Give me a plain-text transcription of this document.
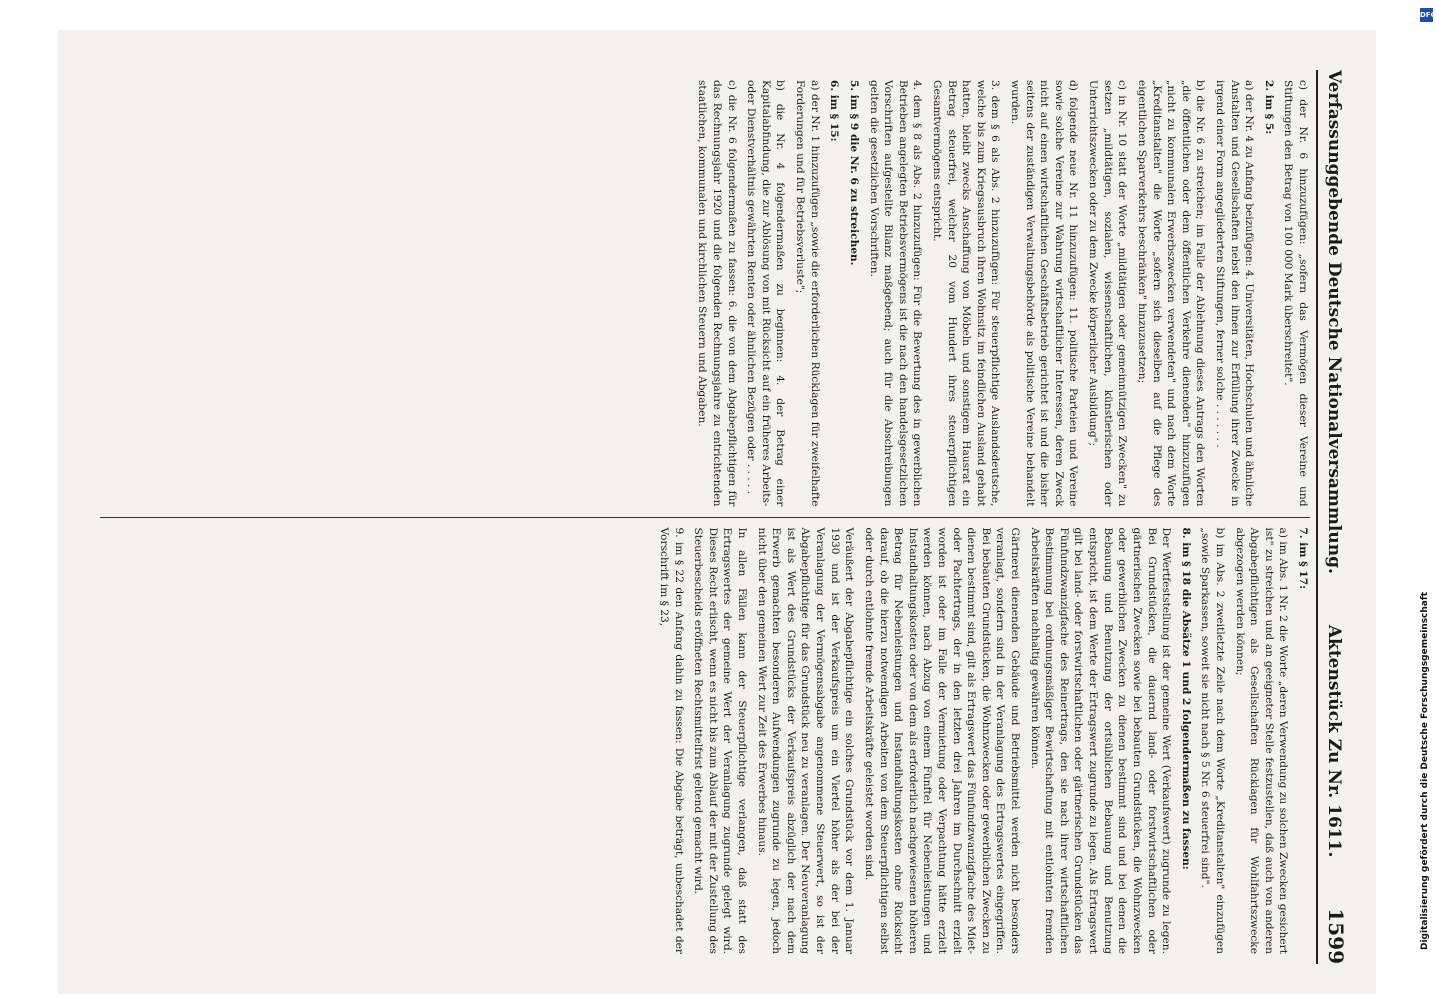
Verfassunggebende Deutsche Nationalversammlung.
Aktenstück Zu Nr. 1611.
1599

c) der Nr. 6 hinzuzufügen: „sofern das Vermögen dieser Vereine und Stiftungen den Betrag von 100 000 Mark überschreitet".

2. im § 5:

a) der Nr. 4 zu Anfang beizufügen: 4. Universitäten, Hochschulen und ähnliche Anstalten und Gesellschaften nebst den ihnen zur Erfüllung ihrer Zwecke in irgend einer Form angegliederten Stiftungen, ferner solche . . . . . . .

b) die Nr. 6 zu streichen; im Falle der Ablehnung dieses Antrags den Worten „die öffentlichen oder dem öffentlichen Verkehre dienenden" hinzuzufügen „nicht zu kommunalen Erwerbszwecken verwendeten" und nach dem Worte „Kreditanstalten" die Worte „sofern sich dieselben auf die Pflege des eigentlichen Sparverkehrs beschränken" hinzuzusetzen;

c) in Nr. 10 statt der Worte „mildtätigen oder gemeinnützigen Zwecken" zu setzen „mildtätigen, sozialen, wissenschaftlichen, künstlerischen oder Unterrichtszwecken oder zu dem Zwecke körperlicher Ausbildung";

d) folgende neue Nr. 11 hinzuzufügen: 11. politische Parteien und Vereine sowie solche Vereine zur Wahrung wirtschaftlicher Interessen, deren Zweck nicht auf einen wirtschaftlichen Geschäftsbetrieb gerichtet ist und die bisher seitens der zuständigen Verwaltungsbehörde als politische Vereine behandelt wurden.

3. dem § 6 als Abs. 2 hinzuzufügen: Für steuerpflichtige Auslandsdeutsche, welche bis zum Kriegsausbruch ihren Wohnsitz im feindlichen Ausland gehabt hatten, bleibt zwecks Anschaffung von Möbeln und sonstigem Hausrat ein Betrag steuerfrei, welcher 20 vom Hundert ihres steuerpflichtigen Gesamtvermögens entspricht.

4. dem § 8 als Abs. 2 hinzuzufügen: Für die Bewertung des in gewerblichen Betrieben angelegten Betriebsvermögens ist die nach den handelsgesetzlichen Vorschriften aufgestellte Bilanz maßgebend; auch für die Abschreibungen gelten die gesetzlichen Vorschriften.

5. im § 9 die Nr. 6 zu streichen.

6. im § 15:

a) der Nr. 1 hinzuzufügen „sowie die erforderlichen Rücklagen für zweifelhafte Forderungen und für Betriebsverluste";

b) die Nr. 4 folgendermaßen zu beginnen: 4. der Betrag einer Kapitalabfindung, die zur Ablösung von mit Rücksicht auf ein früheres Arbeits- oder Dienstverhältnis gewährten Renten oder ähnlichen Bezügen oder . . . . .

c) die Nr. 6 folgendermaßen zu fassen: 6. die von dem Abgabepflichtigen für das Rechnungsjahr 1920 und die folgenden Rechnungsjahre zu entrichtenden staatlichen, kommunalen und kirchlichen Steuern und Abgaben.

7. im § 17:

a) im Abs. 1 Nr. 2 die Worte „deren Verwendung zu solchen Zwecken gesichert ist" zu streichen und an geeigneter Stelle festzustellen, daß auch von anderen Abgabepflichtigen als Gesellschaften Rücklagen für Wohlfahrtszwecke abgezogen werden können;

b) im Abs. 2 zweitletzte Zeile nach dem Worte „Kreditanstalten" einzufügen „sowie Sparkassen, soweit sie nicht nach § 5 Nr. 6 steuerfrei sind".

8. im § 18 die Absätze 1 und 2 folgendermaßen zu fassen:

Der Wertfeststellung ist der gemeine Wert (Verkaufswert) zugrunde zu legen. Bei Grundstücken, die dauernd land- oder forstwirtschaftlichen oder gärtnerischen Zwecken sowie bei bebauten Grundstücken, die Wohnzwecken oder gewerblichen Zwecken zu dienen bestimmt sind und bei denen die Bebauung und Benutzung der ortsüblichen Bebauung und Benutzung entspricht, ist dem Werte der Ertragswert zugrunde zu legen. Als Ertragswert gilt bei land- oder forstwirtschaftlichen oder gärtnerischen Grundstücken das Fünfundzwanzigfache des Reinertrags, den sie nach ihrer wirtschaftlichen Bestimmung bei ordnungsmäßiger Bewirtschaftung mit entlohnten fremden Arbeitskräften nachhaltig gewähren können.

Gärtnerei dienenden Gebäude und Betriebsmittel werden nicht besonders veranlagt, sondern sind in der Veranlagung des Ertragswertes eingegriffen. Bei bebauten Grundstücken, die Wohnzwecken oder gewerblichen Zwecken zu dienen bestimmt sind, gilt als Ertragswert das Fünfundzwanzigfache des Miet- oder Pachtertrags, der in den letzten drei Jahren im Durchschnitt erzielt worden ist oder im Falle der Vermietung oder Verpachtung hätte erzielt werden können, nach Abzug von einem Fünftel für Nebenleistungen und Instandhaltungskosten oder von dem als erforderlich nachgewiesenen höheren Betrag für Nebenleistungen und Instandhaltungskosten ohne Rücksicht darauf, ob die hierzu notwendigen Arbeiten von dem Steuerpflichtigen selbst oder durch entlohnte fremde Arbeitskräfte geleistet worden sind.

Veräußert der Abgabepflichtige ein solches Grundstück vor dem 1. Januar 1930 und ist der Verkaufspreis um ein Viertel höher als der bei der Veranlagung der Vermögensabgabe angenommene Steuerwert, so ist der Abgabepflichtige für das Grundstück neu zu veranlagen. Der Neuveranlagung ist als Wert des Grundstücks der Verkaufspreis abzüglich der nach dem Erwerb gemachten besonderen Aufwendungen zugrunde zu legen, jedoch nicht über den gemeinen Wert zur Zeit des Erwerbes hinaus.

In allen Fällen kann der Steuerpflichtige verlangen, daß statt des Ertragswertes der gemeine Wert der Veranlagung zugrunde gelegt wird. Dieses Recht erlischt, wenn es nicht bis zum Ablauf der mit der Zustellung des Steuerbescheids eröffneten Rechtsmittelfrist geltend gemacht wird.

9. im § 22 den Anfang dahin zu fassen: Die Abgabe beträgt, unbeschadet der Vorschrift im § 23,

DFG
Digitalisierung gefördert durch die Deutsche Forschungsgemeinschaft
